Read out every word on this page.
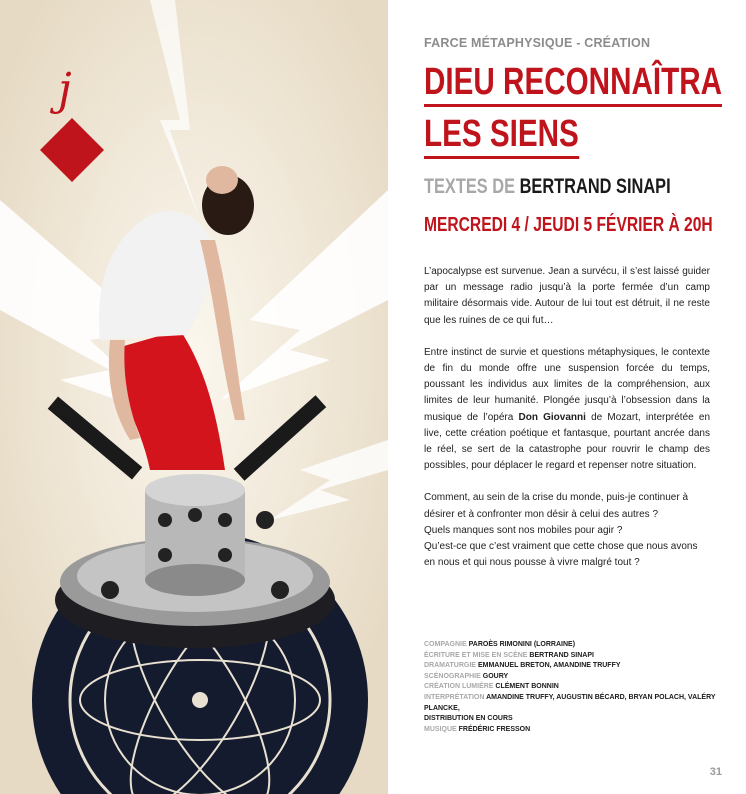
j
FARCE MÉTAPHYSIQUE - CRÉATION
DIEU RECONNAÎTRA
LES SIENS
TEXTES DE BERTRAND SINAPI
MERCREDI 4 / JEUDI 5 FÉVRIER À 20H

L’apocalypse est survenue. Jean a survécu, il s’est laissé guider par un message radio jusqu’à la porte fermée d’un camp militaire désormais vide. Autour de lui tout est détruit, il ne reste que les ruines de ce qui fut…

Entre instinct de survie et questions métaphysiques, le contexte de fin du monde offre une suspension forcée du temps, poussant les individus aux limites de la compréhension, aux limites de leur humanité. Plongée jusqu’à l’obsession dans la musique de l’opéra Don Giovanni de Mozart, interprétée en live, cette création poétique et fantasque, pourtant ancrée dans le réel, se sert de la catastrophe pour rouvrir le champ des possibles, pour déplacer le regard et repenser notre situation.

Comment, au sein de la crise du monde, puis-je continuer à désirer et à confronter mon désir à celui des autres ?
Quels manques sont nos mobiles pour agir ?
Qu’est-ce que c’est vraiment que cette chose que nous avons en nous et qui nous pousse à vivre malgré tout ?

COMPAGNIE PAROÈS RIMONINI (LORRAINE)
ÉCRITURE ET MISE EN SCÈNE BERTRAND SINAPI
DRAMATURGIE EMMANUEL BRETON, AMANDINE TRUFFY
SCÉNOGRAPHIE GOURY
CRÉATION LUMIÈRE CLÉMENT BONNIN
INTERPRÉTATION AMANDINE TRUFFY, AUGUSTIN BÉCARD, BRYAN POLACH, VALÉRY PLANCKE,
DISTRIBUTION EN COURS
MUSIQUE FRÉDÉRIC FRESSON
31
